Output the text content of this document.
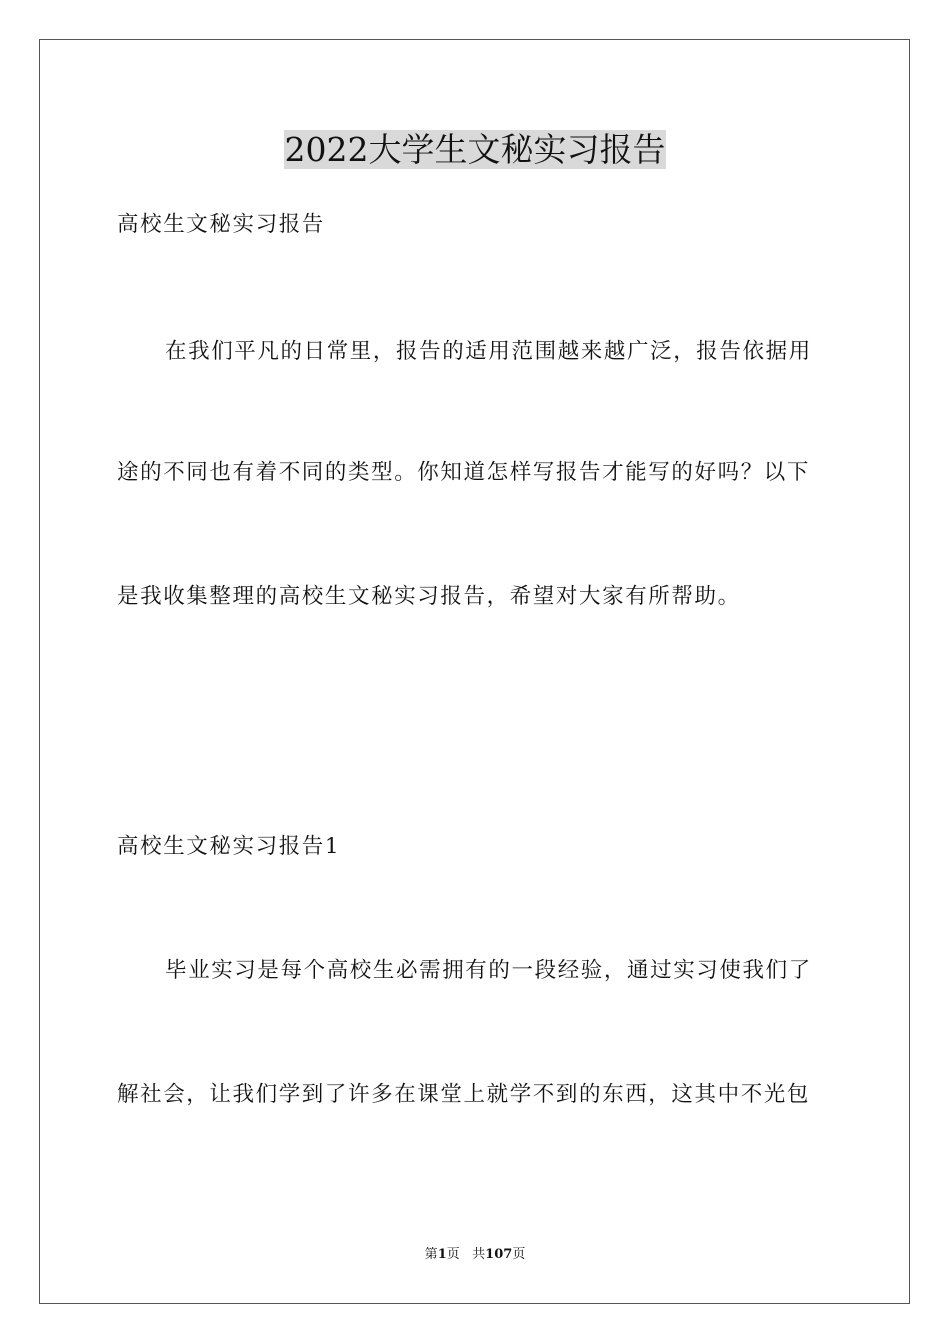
2022大学生文秘实习报告
高校生文秘实习报告
在我们平凡的日常里，报告的适用范围越来越广泛，报告依据用
途的不同也有着不同的类型。你知道怎样写报告才能写的好吗？以下
是我收集整理的高校生文秘实习报告，希望对大家有所帮助。
高校生文秘实习报告1
毕业实习是每个高校生必需拥有的一段经验，通过实习使我们了
解社会，让我们学到了许多在课堂上就学不到的东西，这其中不光包
第1页 共107页
